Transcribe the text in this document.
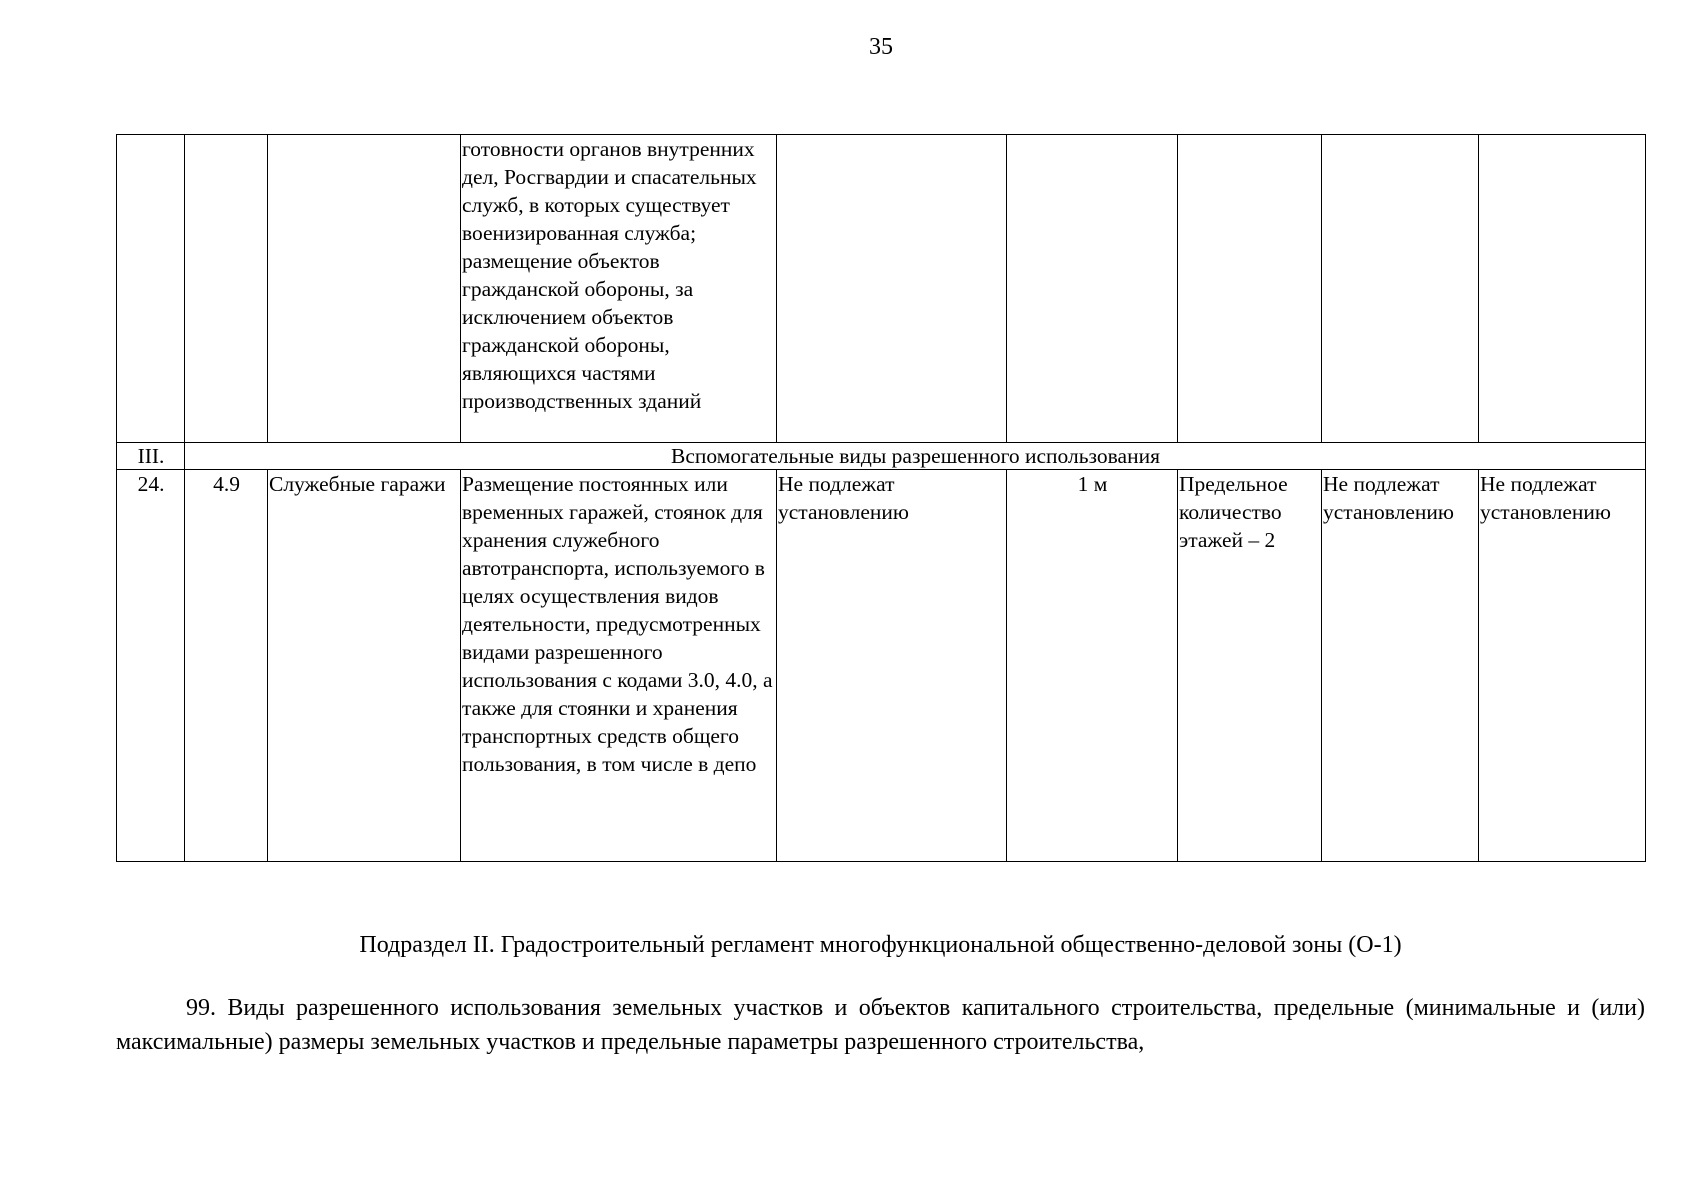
35
			готовности органов внутренних дел, Росгвардии и спасательных служб, в которых существует военизированная служба; размещение объектов гражданской обороны, за исключением объектов гражданской обороны, являющихся частями производственных зданий					
III.	Вспомогательные виды разрешенного использования							
24.	4.9	Служебные гаражи	Размещение постоянных или временных гаражей, стоянок для хранения служебного автотранспорта, используемого в целях осуществления видов деятельности, предусмотренных видами разрешенного использования с кодами 3.0, 4.0, а также для стоянки и хранения транспортных средств общего пользования, в том числе в депо	Не подлежат установлению	1 м	Предельное количество этажей – 2	Не подлежат установлению	Не подлежат установлению
Подраздел II. Градостроительный регламент многофункциональной общественно-деловой зоны (О-1)

99. Виды разрешенного использования земельных участков и объектов капитального строительства, предельные (минимальные и (или) максимальные) размеры земельных участков и предельные параметры разрешенного строительства,
